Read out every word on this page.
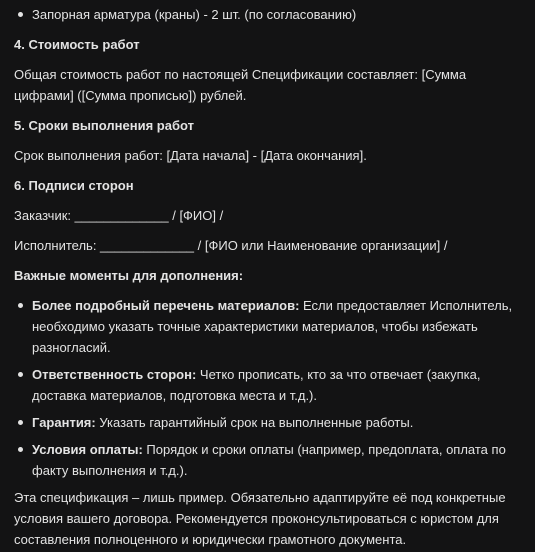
Запорная арматура (краны) - 2 шт. (по согласованию)
4. Стоимость работ
Общая стоимость работ по настоящей Спецификации составляет: [Сумма цифрами] ([Сумма прописью]) рублей.
5. Сроки выполнения работ
Срок выполнения работ: [Дата начала] - [Дата окончания].
6. Подписи сторон
Заказчик: _____________ / [ФИО] /
Исполнитель: _____________ / [ФИО или Наименование организации] /
Важные моменты для дополнения:
Более подробный перечень материалов: Если предоставляет Исполнитель, необходимо указать точные характеристики материалов, чтобы избежать разногласий.
Ответственность сторон: Четко прописать, кто за что отвечает (закупка, доставка материалов, подготовка места и т.д.).
Гарантия: Указать гарантийный срок на выполненные работы.
Условия оплаты: Порядок и сроки оплаты (например, предоплата, оплата по факту выполнения и т.д.).
Эта спецификация – лишь пример. Обязательно адаптируйте её под конкретные условия вашего договора. Рекомендуется проконсультироваться с юристом для составления полноценного и юридически грамотного документа.
